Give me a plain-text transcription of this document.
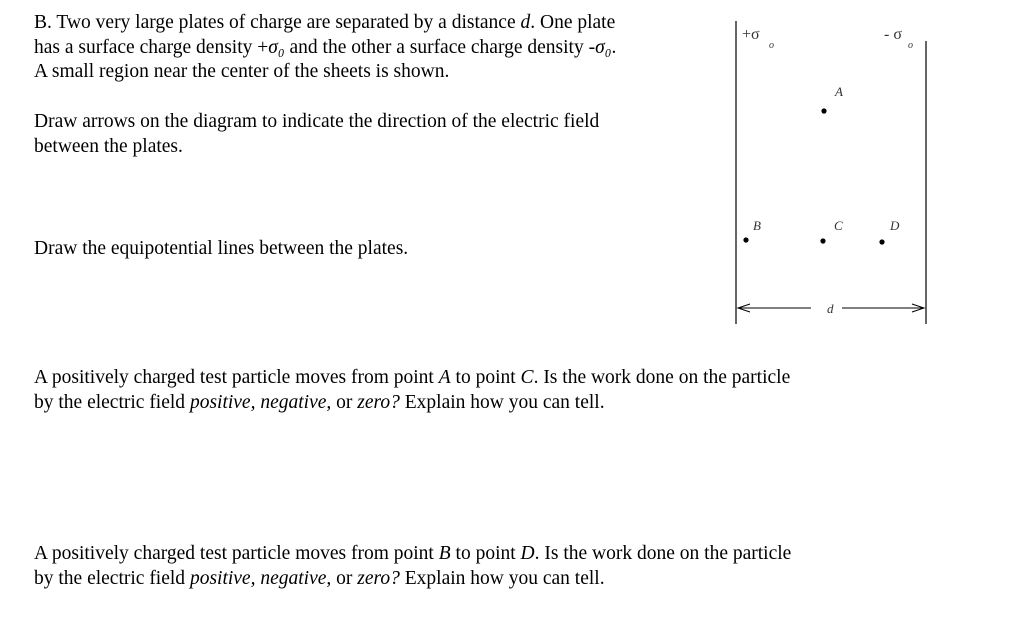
B. Two very large plates of charge are separated by a distance d. One plate
has a surface charge density +σ₀ and the other a surface charge density -σ₀.
A small region near the center of the sheets is shown.

Draw arrows on the diagram to indicate the direction of the electric field
between the plates.

Draw the equipotential lines between the plates.

A positively charged test particle moves from point A to point C. Is the work done on the particle
by the electric field positive, negative, or zero? Explain how you can tell.

A positively charged test particle moves from point B to point D. Is the work done on the particle
by the electric field positive, negative, or zero? Explain how you can tell.

+σ
o
- σ
o
A
B	C	D
d
